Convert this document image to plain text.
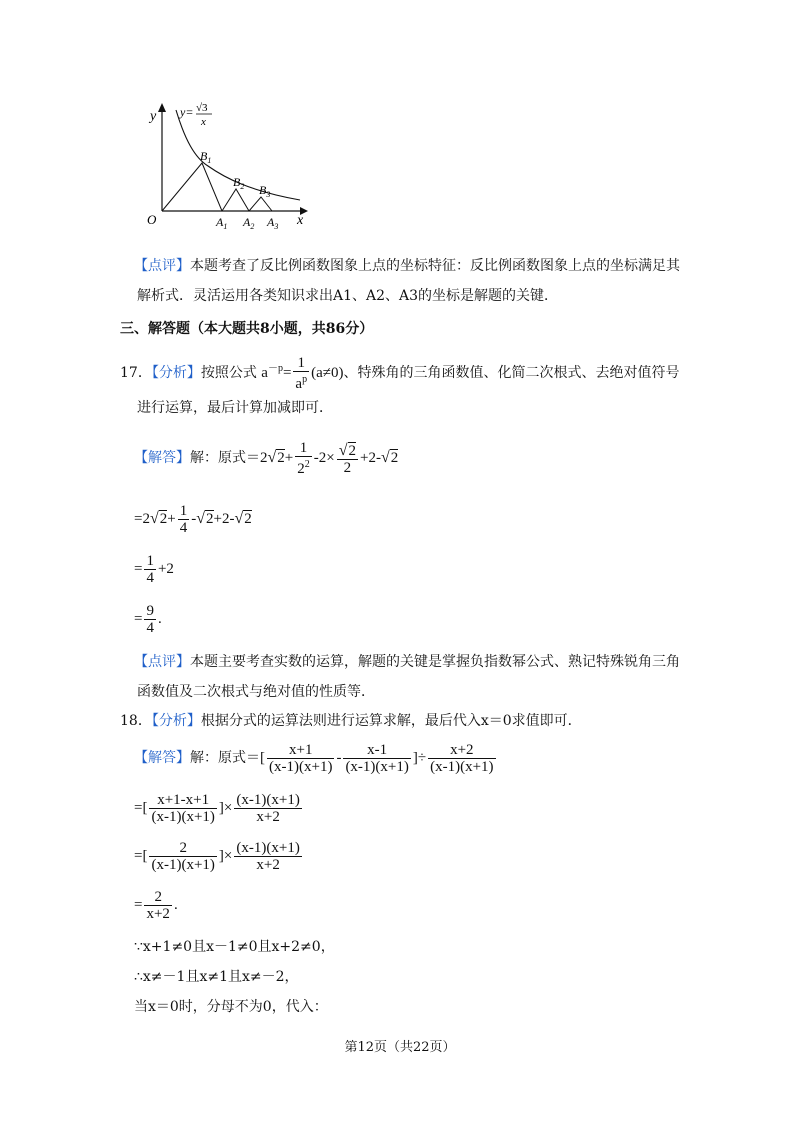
y
x
O
y= √3
x
$B_1$
$B_2$ $B_3$
$A_1$ $A_2$ $A_3$
【点评】本题考查了反比例函数图象上点的坐标特征：反比例函数图象上点的坐标满足其
解析式．灵活运用各类知识求出A1、A2、A3的坐标是解题的关键．
三、解答题（本大题共8小题，共86分）
17．【分析】按照公式 $a^{-p}= \frac{1}{a^p} (a\ne 0)$、特殊角的三角函数值、化简二次根式、去绝对值符号
进行运算，最后计算加减即可．
【解答】解：原式$=2√2+ \frac{1}{2^2} -2\times \frac{√2}{2} +2-√2$
$=2√2+ \frac{1}{4} -√2+2-√2$
= $\frac{1}{4} +2$
= $\frac{9}{4}$ .
【点评】本题主要考查实数的运算，解题的关键是掌握负指数幂公式、熟记特殊锐角三角
函数值及二次根式与绝对值的性质等．
18．【分析】根据分式的运算法则进行运算求解，最后代入x＝0求值即可．
【解答】解：原式＝[ $\frac{x+1}{(x-1)(x+1)} - \frac{x-1}{(x-1)(x+1)}$ ]÷ $\frac{x+2}{(x-1)(x+1)}$
=[ $\frac{x+1-x+1}{(x-1)(x+1)}$ ]× $\frac{(x-1)(x+1)}{x+2}$
=[ $\frac{2}{(x-1)(x+1)}$ ]× $\frac{(x-1)(x+1)}{x+2}$
= $\frac{2}{x+2}$ .
∵x+1≠0且x－1≠0且x+2≠0，
∴x≠－1且x≠1且x≠－2，
当x＝0时，分母不为0，代入：
第12页（共22页）
